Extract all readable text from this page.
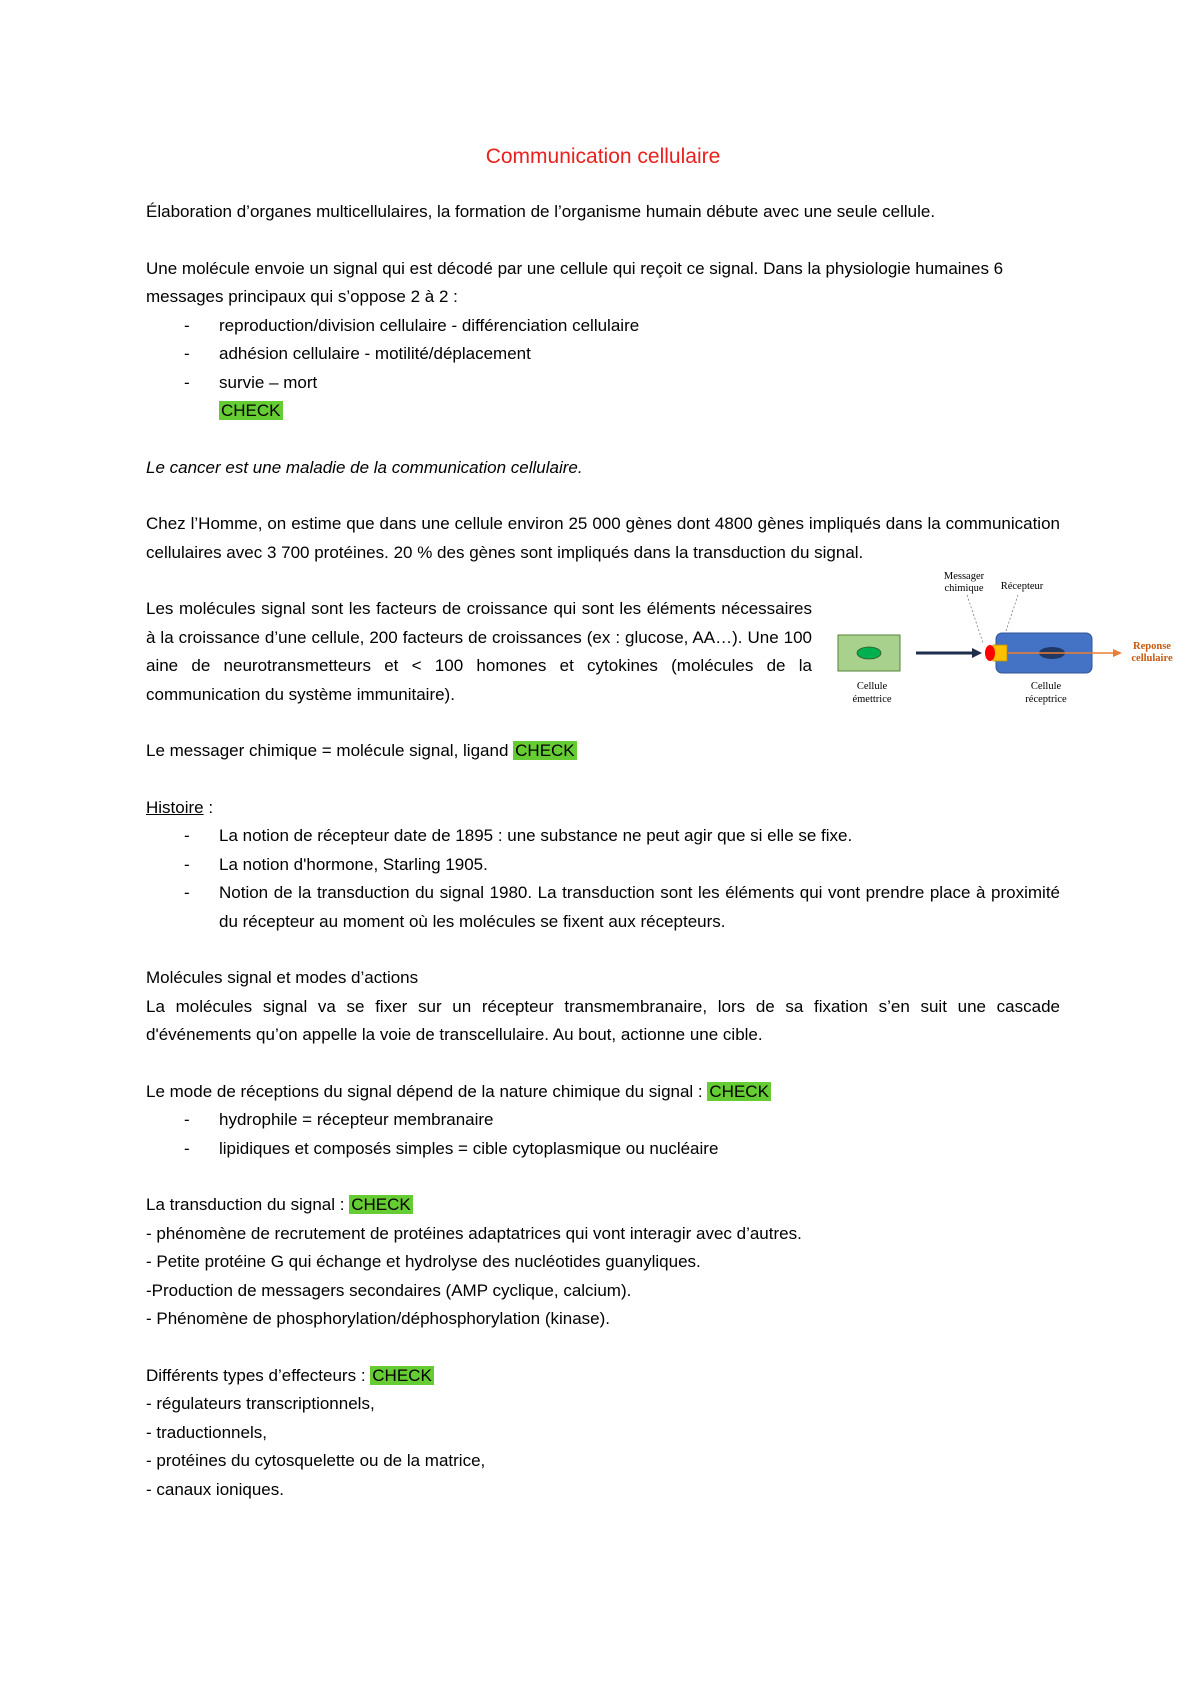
Communication cellulaire

Élaboration d’organes multicellulaires, la formation de l’organisme humain débute avec une seule cellule.

Une molécule envoie un signal qui est décodé par une cellule qui reçoit ce signal. Dans la physiologie humaines 6 messages principaux qui s’oppose 2 à 2 :

- reproduction/division cellulaire - différenciation cellulaire
- adhésion cellulaire - motilité/déplacement
- survie – mort
CHECK

Le cancer est une maladie de la communication cellulaire.

Chez l’Homme, on estime que dans une cellule environ 25 000 gènes dont 4800 gènes impliqués dans la communication cellulaires avec 3 700 protéines. 20 % des gènes sont impliqués dans la transduction du signal.

Les molécules signal sont les facteurs de croissance qui sont les éléments nécessaires à la croissance d’une cellule, 200 facteurs de croissances (ex : glucose, AA…). Une 100 aine de neurotransmetteurs et < 100 homones et cytokines (molécules de la communication du système immunitaire).

Le messager chimique = molécule signal, ligand CHECK

Messager
chimique Récepteur
Reponse
cellulaire
Cellule
émettrice
Cellule
réceptrice

Histoire :

- La notion de récepteur date de 1895 : une substance ne peut agir que si elle se fixe.
- La notion d'hormone, Starling 1905.
- Notion de la transduction du signal 1980. La transduction sont les éléments qui vont prendre place à proximité du récepteur au moment où les molécules se fixent aux récepteurs.

Molécules signal et modes d’actions

La molécules signal va se fixer sur un récepteur transmembranaire, lors de sa fixation s’en suit une cascade d'événements qu’on appelle la voie de transcellulaire. Au bout, actionne une cible.

Le mode de réceptions du signal dépend de la nature chimique du signal : CHECK

- hydrophile = récepteur membranaire
- lipidiques et composés simples = cible cytoplasmique ou nucléaire
La transduction du signal : CHECK
- phénomène de recrutement de protéines adaptatrices qui vont interagir avec d’autres.
- Petite protéine G qui échange et hydrolyse des nucléotides guanyliques.
-Production de messagers secondaires (AMP cyclique, calcium).
- Phénomène de phosphorylation/déphosphorylation (kinase).
Différents types d’effecteurs : CHECK
- régulateurs transcriptionnels,
- traductionnels,
- protéines du cytosquelette ou de la matrice,
- canaux ioniques.
